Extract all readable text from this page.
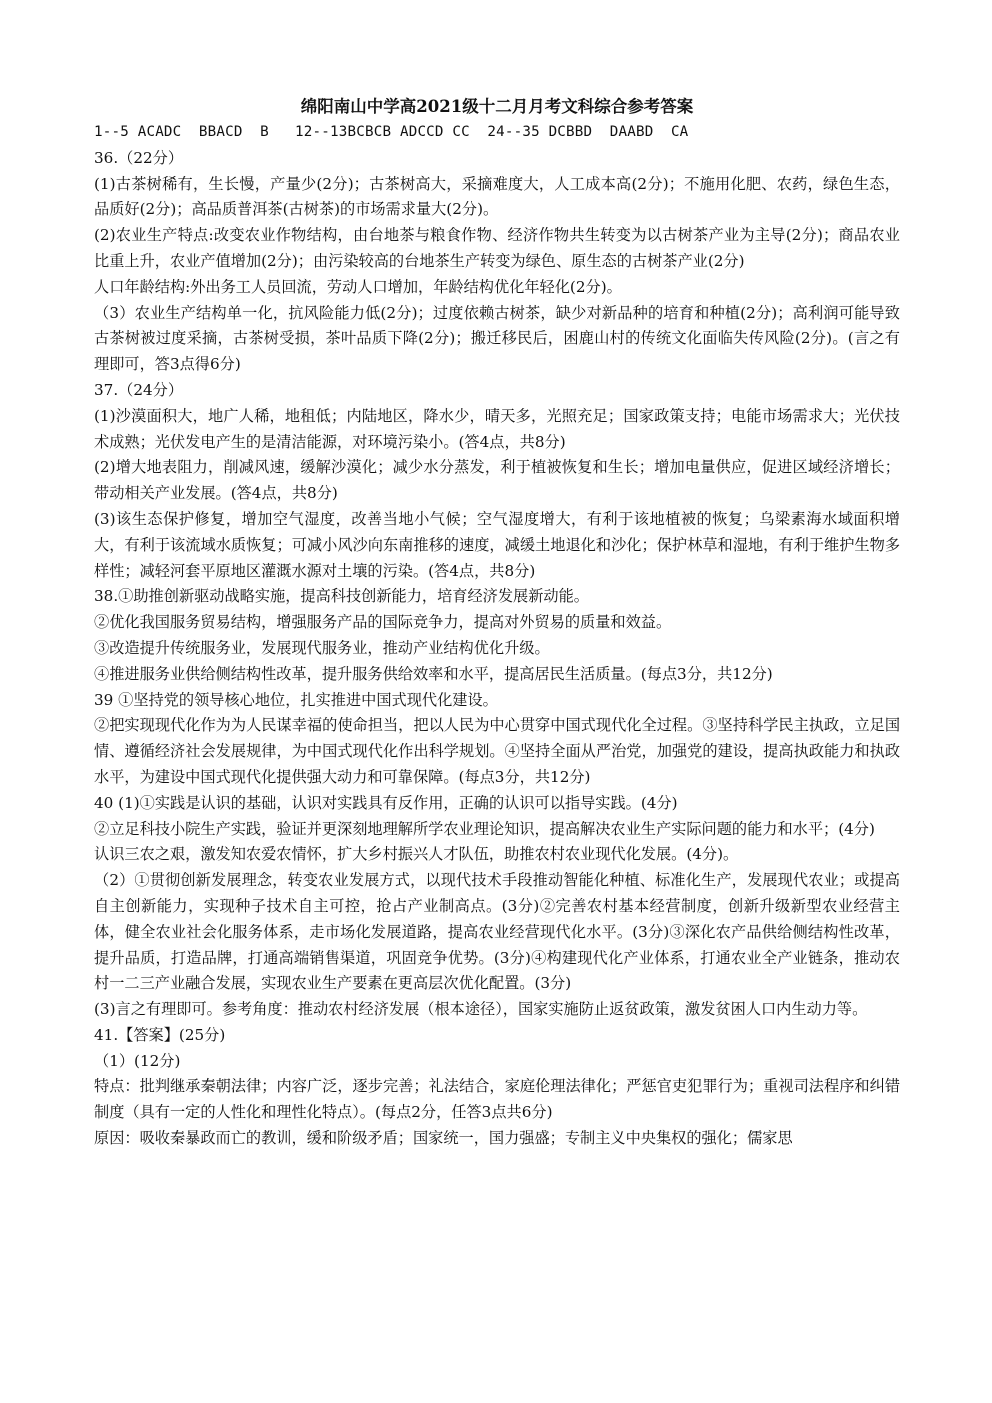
绵阳南山中学高2021级十二月月考文科综合参考答案

1--5 ACADC  BBACD  B   12--13BCBCB ADCCD CC  24--35 DCBBD  DAABD  CA

36.（22分）

(1)古茶树稀有，生长慢，产量少(2分)；古茶树高大，采摘难度大，人工成本高(2分)；不施用化肥、农药，绿色生态，品质好(2分)；高品质普洱茶(古树茶)的市场需求量大(2分)。

(2)农业生产特点:改变农业作物结构，由台地茶与粮食作物、经济作物共生转变为以古树茶产业为主导(2分)；商品农业比重上升，农业产值增加(2分)；由污染较高的台地茶生产转变为绿色、原生态的古树茶产业(2分)

人口年龄结构:外出务工人员回流，劳动人口增加，年龄结构优化年轻化(2分)。

（3）农业生产结构单一化，抗风险能力低(2分)；过度依赖古树茶，缺少对新品种的培育和种植(2分)；高利润可能导致古茶树被过度采摘，古茶树受损，茶叶品质下降(2分)；搬迁移民后，困鹿山村的传统文化面临失传风险(2分)。(言之有理即可，答3点得6分)

37.（24分）

(1)沙漠面积大，地广人稀，地租低；内陆地区，降水少，晴天多，光照充足；国家政策支持；电能市场需求大；光伏技术成熟；光伏发电产生的是清洁能源，对环境污染小。(答4点，共8分)

(2)增大地表阻力，削减风速，缓解沙漠化；减少水分蒸发，利于植被恢复和生长；增加电量供应，促进区域经济增长；带动相关产业发展。(答4点，共8分)

(3)该生态保护修复，增加空气湿度，改善当地小气候；空气湿度增大，有利于该地植被的恢复；乌梁素海水域面积增大，有利于该流域水质恢复；可减小风沙向东南推移的速度，减缓土地退化和沙化；保护林草和湿地，有利于维护生物多样性；减轻河套平原地区灌溉水源对土壤的污染。(答4点，共8分)

38.①助推创新驱动战略实施，提高科技创新能力，培育经济发展新动能。

②优化我国服务贸易结构，增强服务产品的国际竞争力，提高对外贸易的质量和效益。

③改造提升传统服务业，发展现代服务业，推动产业结构优化升级。

④推进服务业供给侧结构性改革，提升服务供给效率和水平，提高居民生活质量。(每点3分，共12分)

39 ①坚持党的领导核心地位，扎实推进中国式现代化建设。

②把实现现代化作为为人民谋幸福的使命担当，把以人民为中心贯穿中国式现代化全过程。③坚持科学民主执政，立足国情、遵循经济社会发展规律，为中国式现代化作出科学规划。④坚持全面从严治党，加强党的建设，提高执政能力和执政水平，为建设中国式现代化提供强大动力和可靠保障。(每点3分，共12分)

40 (1)①实践是认识的基础，认识对实践具有反作用，正确的认识可以指导实践。(4分)

②立足科技小院生产实践，验证并更深刻地理解所学农业理论知识，提高解决农业生产实际问题的能力和水平；(4分)

认识三农之艰，激发知农爱农情怀，扩大乡村振兴人才队伍，助推农村农业现代化发展。(4分)。

（2）①贯彻创新发展理念，转变农业发展方式，以现代技术手段推动智能化种植、标准化生产，发展现代农业；或提高自主创新能力，实现种子技术自主可控，抢占产业制高点。(3分)②完善农村基本经营制度，创新升级新型农业经营主体，健全农业社会化服务体系，走市场化发展道路，提高农业经营现代化水平。(3分)③深化农产品供给侧结构性改革，提升品质，打造品牌，打通高端销售渠道，巩固竞争优势。(3分)④构建现代化产业体系，打通农业全产业链条，推动农村一二三产业融合发展，实现农业生产要素在更高层次优化配置。(3分)

(3)言之有理即可。参考角度：推动农村经济发展（根本途径），国家实施防止返贫政策，激发贫困人口内生动力等。

41.【答案】(25分)

（1）(12分)

特点：批判继承秦朝法律；内容广泛，逐步完善；礼法结合，家庭伦理法律化；严惩官吏犯罪行为；重视司法程序和纠错制度（具有一定的人性化和理性化特点）。(每点2分，任答3点共6分)

原因：吸收秦暴政而亡的教训，缓和阶级矛盾；国家统一，国力强盛；专制主义中央集权的强化；儒家思
